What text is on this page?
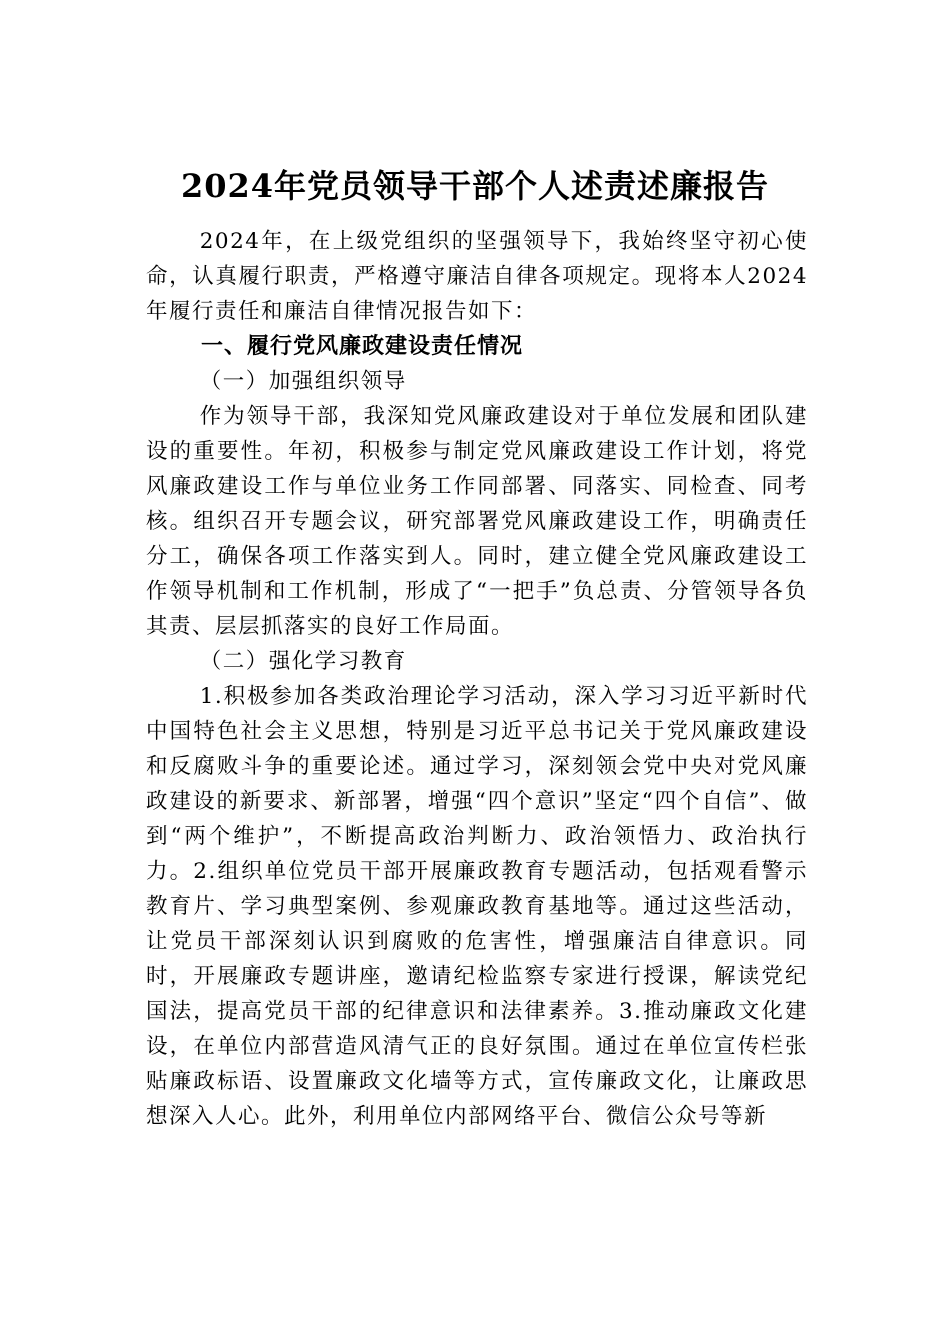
2024年党员领导干部个人述责述廉报告

2024年，在上级党组织的坚强领导下，我始终坚守初心使命，认真履行职责，严格遵守廉洁自律各项规定。现将本人2024年履行责任和廉洁自律情况报告如下：

一、履行党风廉政建设责任情况

（一）加强组织领导

作为领导干部，我深知党风廉政建设对于单位发展和团队建设的重要性。年初，积极参与制定党风廉政建设工作计划，将党风廉政建设工作与单位业务工作同部署、同落实、同检查、同考核。组织召开专题会议，研究部署党风廉政建设工作，明确责任分工，确保各项工作落实到人。同时，建立健全党风廉政建设工作领导机制和工作机制，形成了“一把手”负总责、分管领导各负其责、层层抓落实的良好工作局面。

（二）强化学习教育

1.积极参加各类政治理论学习活动，深入学习习近平新时代中国特色社会主义思想，特别是习近平总书记关于党风廉政建设和反腐败斗争的重要论述。通过学习，深刻领会党中央对党风廉政建设的新要求、新部署，增强“四个意识”坚定“四个自信”、做到“两个维护”，不断提高政治判断力、政治领悟力、政治执行力。2.组织单位党员干部开展廉政教育专题活动，包括观看警示教育片、学习典型案例、参观廉政教育基地等。通过这些活动，让党员干部深刻认识到腐败的危害性，增强廉洁自律意识。同时，开展廉政专题讲座，邀请纪检监察专家进行授课，解读党纪国法，提高党员干部的纪律意识和法律素养。3.推动廉政文化建设，在单位内部营造风清气正的良好氛围。通过在单位宣传栏张贴廉政标语、设置廉政文化墙等方式，宣传廉政文化，让廉政思想深入人心。此外，利用单位内部网络平台、微信公众号等新
